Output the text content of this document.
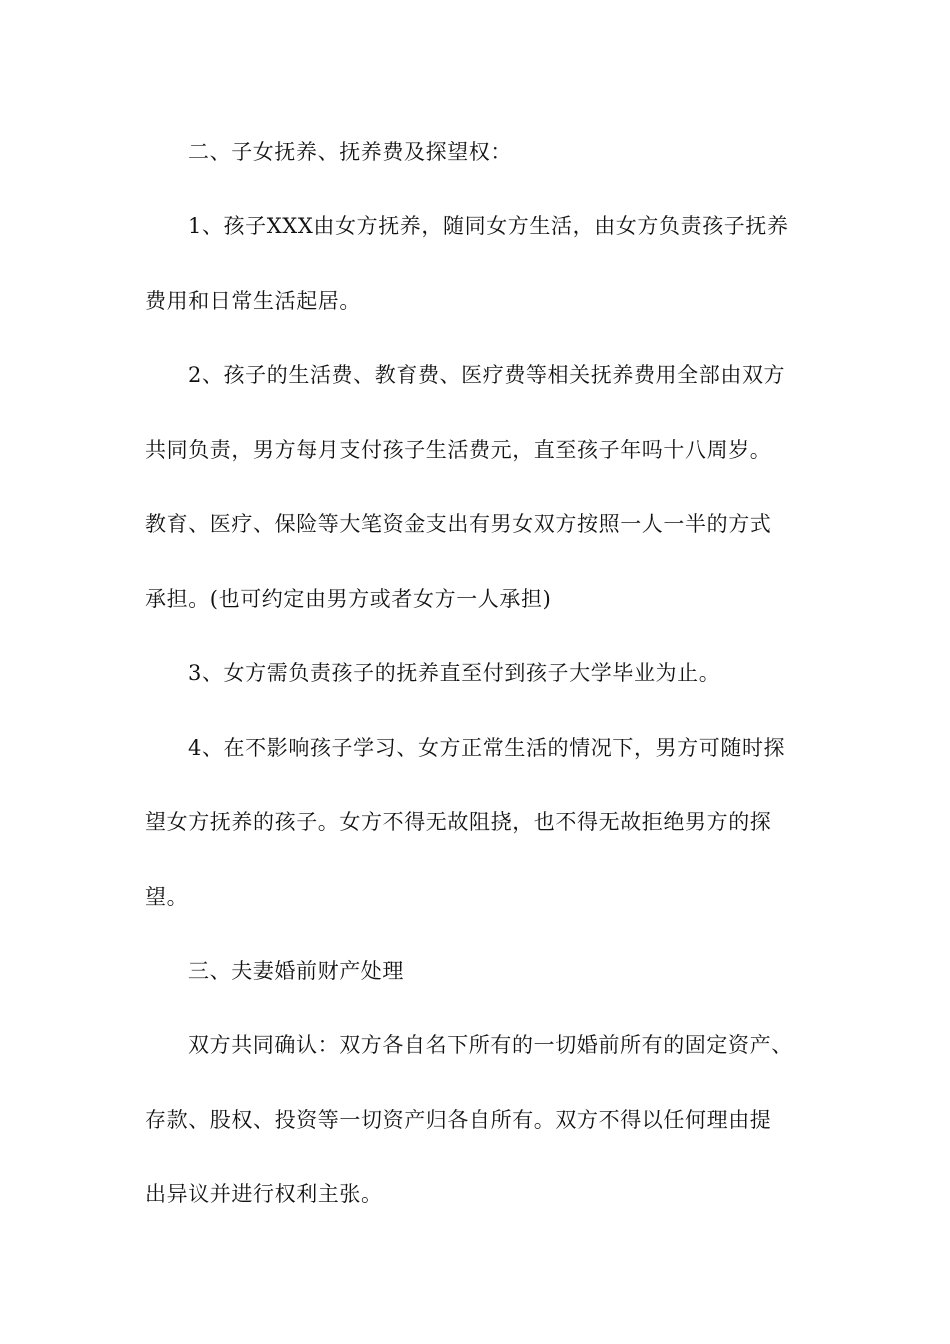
二、子女抚养、抚养费及探望权：

1、孩子XXX由女方抚养，随同女方生活，由女方负责孩子抚养

费用和日常生活起居。

2、孩子的生活费、教育费、医疗费等相关抚养费用全部由双方

共同负责，男方每月支付孩子生活费元，直至孩子年吗十八周岁。

教育、医疗、保险等大笔资金支出有男女双方按照一人一半的方式

承担。(也可约定由男方或者女方一人承担)

3、女方需负责孩子的抚养直至付到孩子大学毕业为止。

4、在不影响孩子学习、女方正常生活的情况下，男方可随时探

望女方抚养的孩子。女方不得无故阻挠，也不得无故拒绝男方的探

望。

三、夫妻婚前财产处理

双方共同确认：双方各自名下所有的一切婚前所有的固定资产、

存款、股权、投资等一切资产归各自所有。双方不得以任何理由提

出异议并进行权利主张。
